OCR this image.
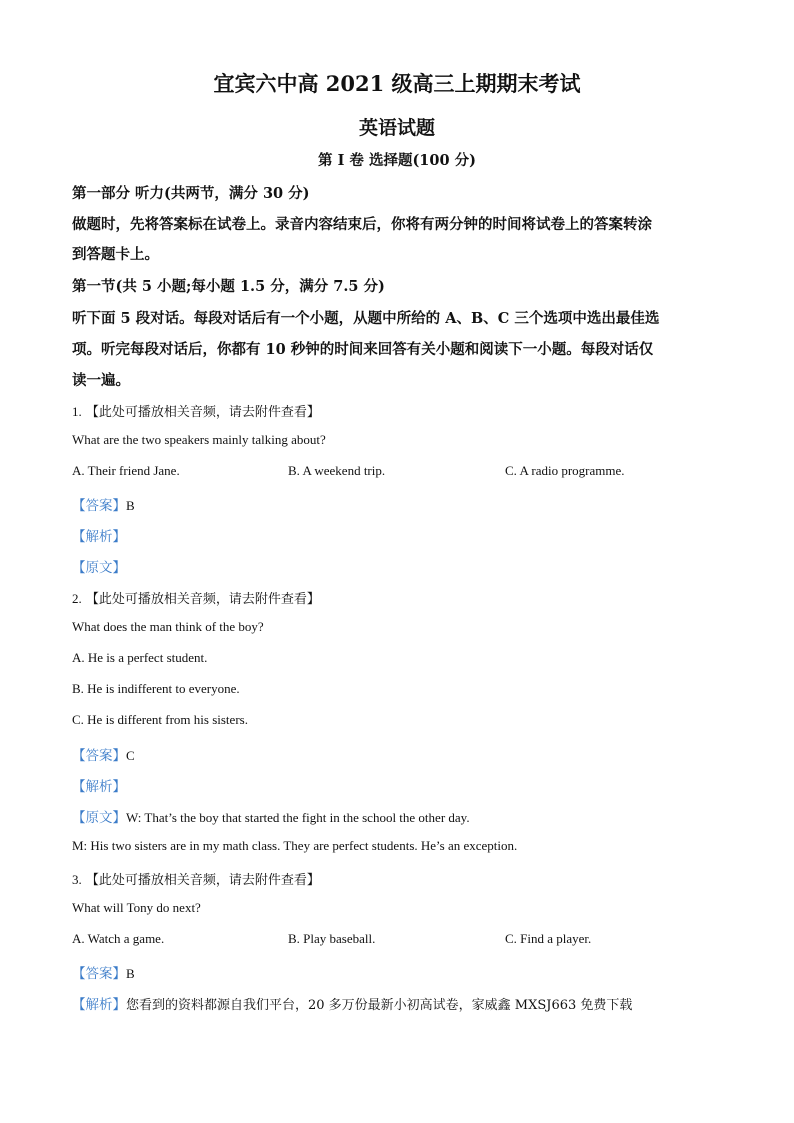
宜宾六中高 2021 级高三上期期末考试
英语试题
第 I 卷 选择题(100 分)
第一部分 听力(共两节，满分 30 分)
做题时，先将答案标在试卷上。录音内容结束后，你将有两分钟的时间将试卷上的答案转涂
到答题卡上。
第一节(共 5 小题;每小题 1.5 分，满分 7.5 分)
听下面 5 段对话。每段对话后有一个小题，从题中所给的 A、B、C 三个选项中选出最佳选
项。听完每段对话后，你都有 10 秒钟的时间来回答有关小题和阅读下一小题。每段对话仅
读一遍。
1. 【此处可播放相关音频，请去附件查看】
What are the two speakers mainly talking about?
A. Their friend Jane.	B. A weekend trip.	C. A radio programme.
【答案】B
【解析】
【原文】
2. 【此处可播放相关音频，请去附件查看】
What does the man think of the boy?
A. He is a perfect student.
B. He is indifferent to everyone.
C. He is different from his sisters.
【答案】C
【解析】
【原文】W: That’s the boy that started the fight in the school the other day.
M: His two sisters are in my math class. They are perfect students. He’s an exception.
3. 【此处可播放相关音频，请去附件查看】
What will Tony do next?
A. Watch a game.	B. Play baseball.	C. Find a player.
【答案】B
【解析】您看到的资料都源自我们平台，20 多万份最新小初高试卷，家威鑫 MXSJ663 免费下载
